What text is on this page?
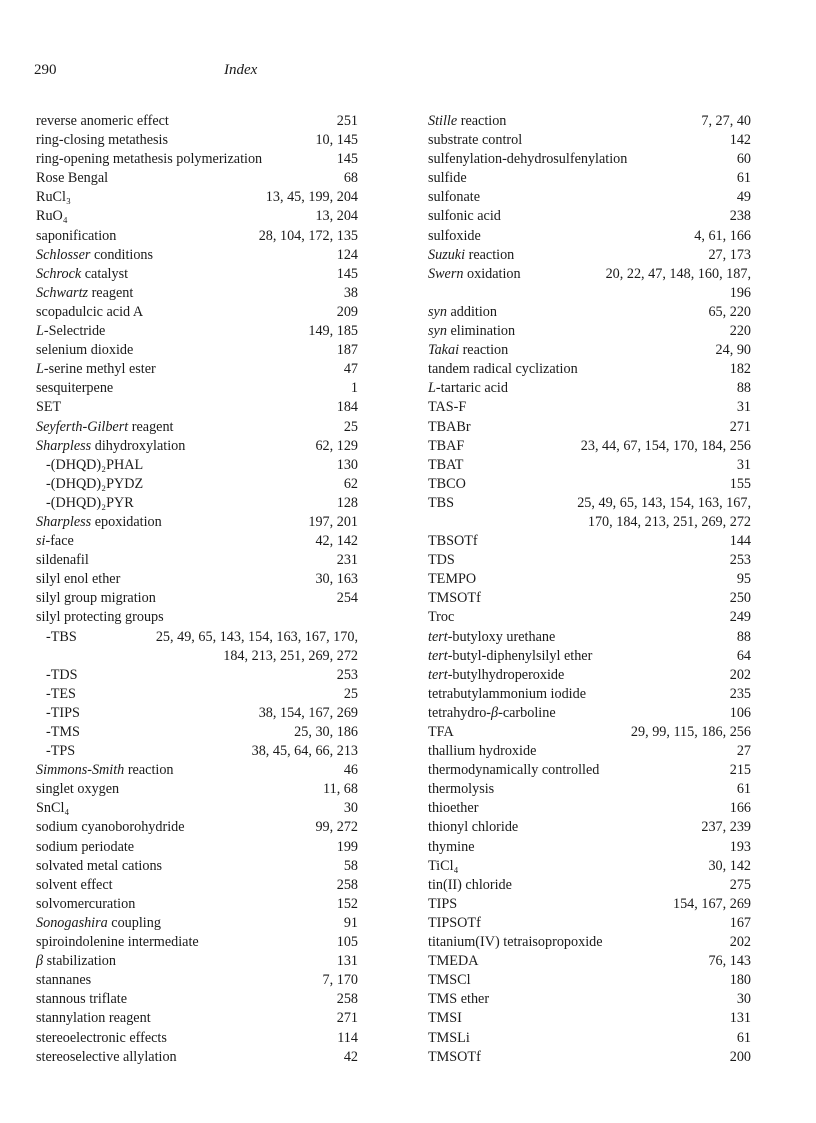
290	Index
reverse anomeric effect	251
ring-closing metathesis	10, 145
ring-opening metathesis polymerization	145
Rose Bengal	68
RuCl₃	13, 45, 199, 204
RuO₄	13, 204
saponification	28, 104, 172, 135
Schlosser conditions	124
Schrock catalyst	145
Schwartz reagent	38
scopadulcic acid A	209
L-Selectride	149, 185
selenium dioxide	187
L-serine methyl ester	47
sesquiterpene	1
SET	184
Seyferth-Gilbert reagent	25
Sharpless dihydroxylation	62, 129
-(DHQD)₂PHAL	130
-(DHQD)₂PYDZ	62
-(DHQD)₂PYR	128
Sharpless epoxidation	197, 201
si-face	42, 142
sildenafil	231
silyl enol ether	30, 163
silyl group migration	254
silyl protecting groups
-TBS	25, 49, 65, 143, 154, 163, 167, 170,
184, 213, 251, 269, 272
-TDS	253
-TES	25
-TIPS	38, 154, 167, 269
-TMS	25, 30, 186
-TPS	38, 45, 64, 66, 213
Simmons-Smith reaction	46
singlet oxygen	11, 68
SnCl₄	30
sodium cyanoborohydride	99, 272
sodium periodate	199
solvated metal cations	58
solvent effect	258
solvomercuration	152
Sonogashira coupling	91
spiroindolenine intermediate	105
β stabilization	131
stannanes	7, 170
stannous triflate	258
stannylation reagent	271
stereoelectronic effects	114
stereoselective allylation	42
Stille reaction	7, 27, 40
substrate control	142
sulfenylation-dehydrosulfenylation	60
sulfide	61
sulfonate	49
sulfonic acid	238
sulfoxide	4, 61, 166
Suzuki reaction	27, 173
Swern oxidation	20, 22, 47, 148, 160, 187,
196
syn addition	65, 220
syn elimination	220
Takai reaction	24, 90
tandem radical cyclization	182
L-tartaric acid	88
TAS-F	31
TBABr	271
TBAF	23, 44, 67, 154, 170, 184, 256
TBAT	31
TBCO	155
TBS	25, 49, 65, 143, 154, 163, 167,
170, 184, 213, 251, 269, 272
TBSOTf	144
TDS	253
TEMPO	95
TMSOTf	250
Troc	249
tert-butyloxy urethane	88
tert-butyl-diphenylsilyl ether	64
tert-butylhydroperoxide	202
tetrabutylammonium iodide	235
tetrahydro-β-carboline	106
TFA	29, 99, 115, 186, 256
thallium hydroxide	27
thermodynamically controlled	215
thermolysis	61
thioether	166
thionyl chloride	237, 239
thymine	193
TiCl₄	30, 142
tin(II) chloride	275
TIPS	154, 167, 269
TIPSOTf	167
titanium(IV) tetraisopropoxide	202
TMEDA	76, 143
TMSCl	180
TMS ether	30
TMSI	131
TMSLi	61
TMSOTf	200
